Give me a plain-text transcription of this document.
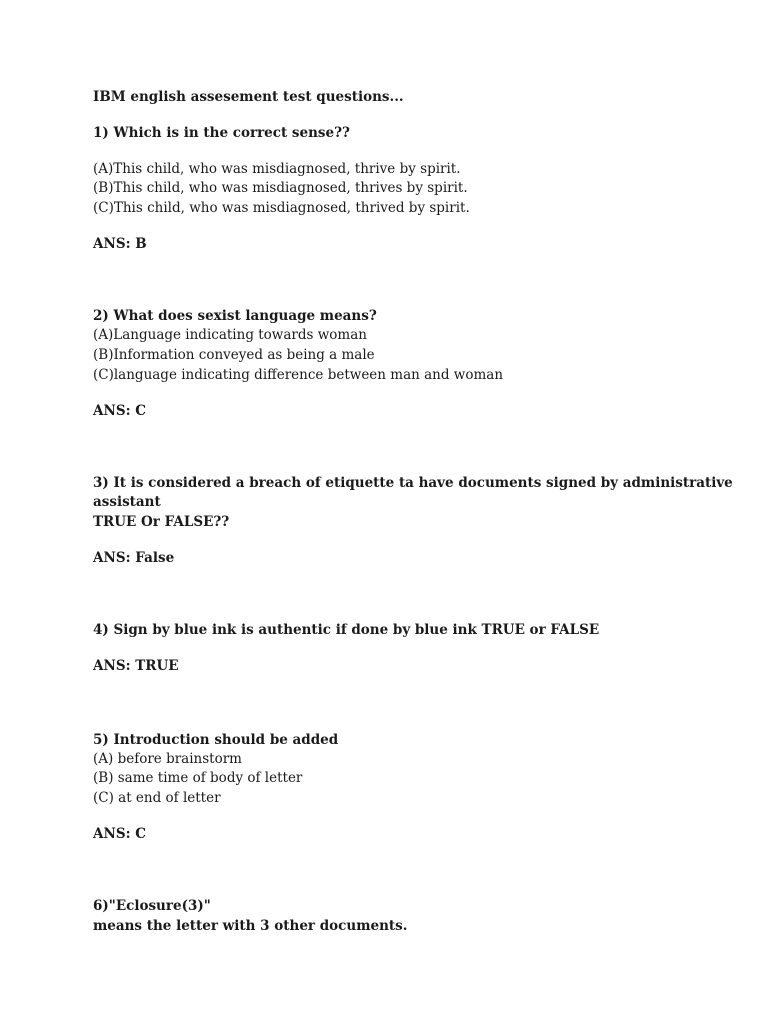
IBM english assesement test questions...
1) Which is in the correct sense??
(A)This child, who was misdiagnosed, thrive by spirit.
(B)This child, who was misdiagnosed, thrives by spirit.
(C)This child, who was misdiagnosed, thrived by spirit.
ANS: B
2) What does sexist language means?
(A)Language indicating towards woman
(B)Information conveyed as being a male
(C)language indicating difference between man and woman
ANS: C
3) It is considered a breach of etiquette ta have documents signed by administrative
assistant
TRUE Or FALSE??
ANS: False
4) Sign by blue ink is authentic if done by blue ink TRUE or FALSE
ANS: TRUE
5) Introduction should be added
(A) before brainstorm
(B) same time of body of letter
(C) at end of letter
ANS: C
6)"Eclosure(3)"
means the letter with 3 other documents.
